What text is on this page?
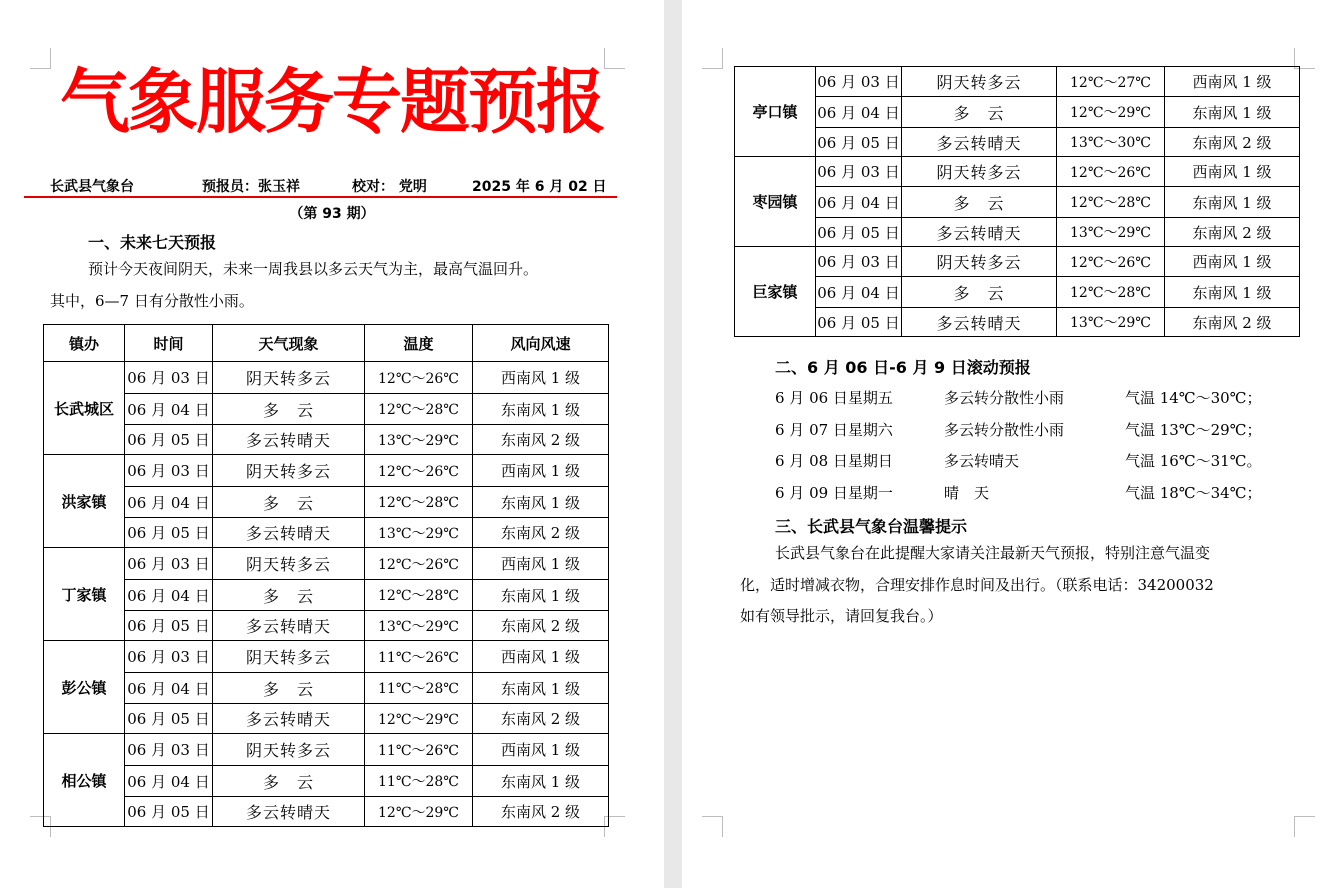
气象服务专题预报
长武县气象台	预报员：张玉祥	校对： 党明	2025 年 6 月 02 日
（第 93 期）
一、未来七天预报
预计今天夜间阴天，未来一周我县以多云天气为主，最高气温回升。
其中，6—7 日有分散性小雨。
镇办	时间	天气现象	温度	风向风速
长武城区	06 月 03 日	阴天转多云	12℃～26℃	西南风 1 级
	06 月 04 日	多　云	12℃～28℃	东南风 1 级
	06 月 05 日	多云转晴天	13℃～29℃	东南风 2 级
洪家镇	06 月 03 日	阴天转多云	12℃～26℃	西南风 1 级
	06 月 04 日	多　云	12℃～28℃	东南风 1 级
	06 月 05 日	多云转晴天	13℃～29℃	东南风 2 级
丁家镇	06 月 03 日	阴天转多云	12℃～26℃	西南风 1 级
	06 月 04 日	多　云	12℃～28℃	东南风 1 级
	06 月 05 日	多云转晴天	13℃～29℃	东南风 2 级
彭公镇	06 月 03 日	阴天转多云	11℃～26℃	西南风 1 级
	06 月 04 日	多　云	11℃～28℃	东南风 1 级
	06 月 05 日	多云转晴天	12℃～29℃	东南风 2 级
相公镇	06 月 03 日	阴天转多云	11℃～26℃	西南风 1 级
	06 月 04 日	多　云	11℃～28℃	东南风 1 级
	06 月 05 日	多云转晴天	12℃～29℃	东南风 2 级
亭口镇	06 月 03 日	阴天转多云	12℃～27℃	西南风 1 级
	06 月 04 日	多　云	12℃～29℃	东南风 1 级
	06 月 05 日	多云转晴天	13℃～30℃	东南风 2 级
枣园镇	06 月 03 日	阴天转多云	12℃～26℃	西南风 1 级
	06 月 04 日	多　云	12℃～28℃	东南风 1 级
	06 月 05 日	多云转晴天	13℃～29℃	东南风 2 级
巨家镇	06 月 03 日	阴天转多云	12℃～26℃	西南风 1 级
	06 月 04 日	多　云	12℃～28℃	东南风 1 级
	06 月 05 日	多云转晴天	13℃～29℃	东南风 2 级
二、6 月 06 日-6 月 9 日滚动预报
6 月 06 日星期五	多云转分散性小雨	气温 14℃～30℃；
6 月 07 日星期六	多云转分散性小雨	气温 13℃～29℃；
6 月 08 日星期日	多云转晴天	气温 16℃～31℃。
6 月 09 日星期一	晴　天	气温 18℃～34℃；
三、长武县气象台温馨提示
长武县气象台在此提醒大家请关注最新天气预报，特别注意气温变
化，适时增减衣物，合理安排作息时间及出行。（联系电话：34200032
如有领导批示，请回复我台。）
